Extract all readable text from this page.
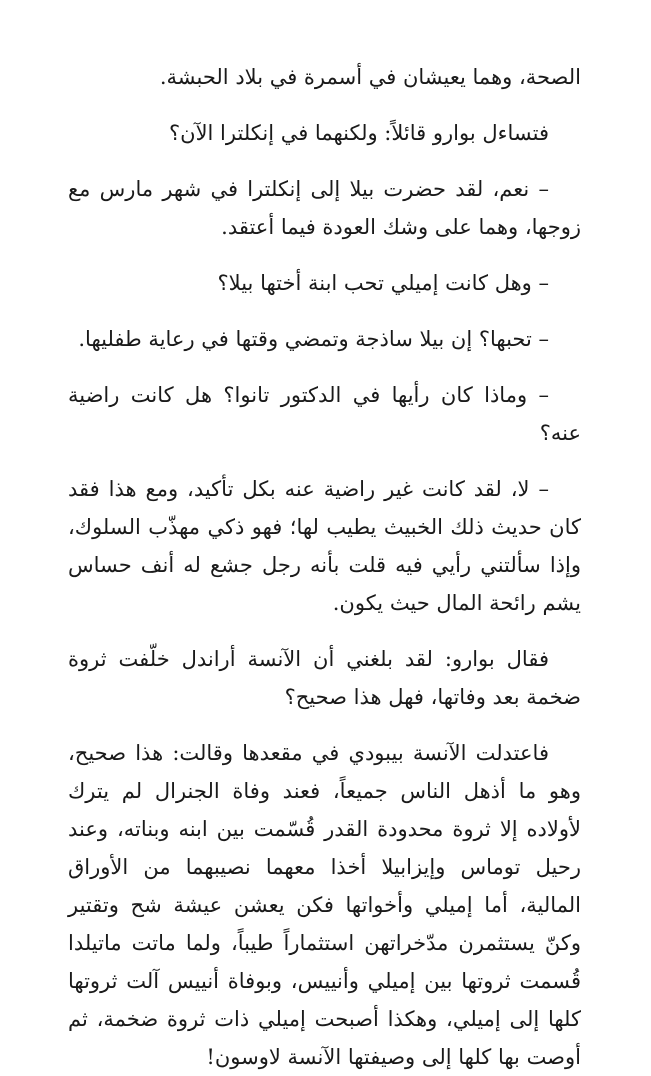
الصحة، وهما يعيشان في أسمرة في بلاد الحبشة.

فتساءل بوارو قائلاً: ولكنهما في إنكلترا الآن؟

– نعم، لقد حضرت بيلا إلى إنكلترا في شهر مارس مع زوجها، وهما على وشك العودة فيما أعتقد.

– وهل كانت إميلي تحب ابنة أختها بيلا؟

– تحبها؟ إن بيلا ساذجة وتمضي وقتها في رعاية طفليها.

– وماذا كان رأيها في الدكتور تانوا؟ هل كانت راضية عنه؟

– لا، لقد كانت غير راضية عنه بكل تأكيد، ومع هذا فقد كان حديث ذلك الخبيث يطيب لها؛ فهو ذكي مهذّب السلوك، وإذا سألتني رأيي فيه قلت بأنه رجل جشع له أنف حساس يشم رائحة المال حيث يكون.

فقال بوارو: لقد بلغني أن الآنسة أراندل خلّفت ثروة ضخمة بعد وفاتها، فهل هذا صحيح؟

فاعتدلت الآنسة بيبودي في مقعدها وقالت: هذا صحيح، وهو ما أذهل الناس جميعاً، فعند وفاة الجنرال لم يترك لأولاده إلا ثروة محدودة القدر قُسّمت بين ابنه وبناته، وعند رحيل توماس وإيزابيلا أخذا معهما نصيبهما من الأوراق المالية، أما إميلي وأخواتها فكن يعشن عيشة شح وتقتير وكنّ يستثمرن مدّخراتهن استثماراً طيباً، ولما ماتت ماتيلدا قُسمت ثروتها بين إميلي وأنييس، وبوفاة أنييس آلت ثروتها كلها إلى إميلي، وهكذا أصبحت إميلي ذات ثروة ضخمة، ثم أوصت بها كلها إلى وصيفتها الآنسة لاوسون!
